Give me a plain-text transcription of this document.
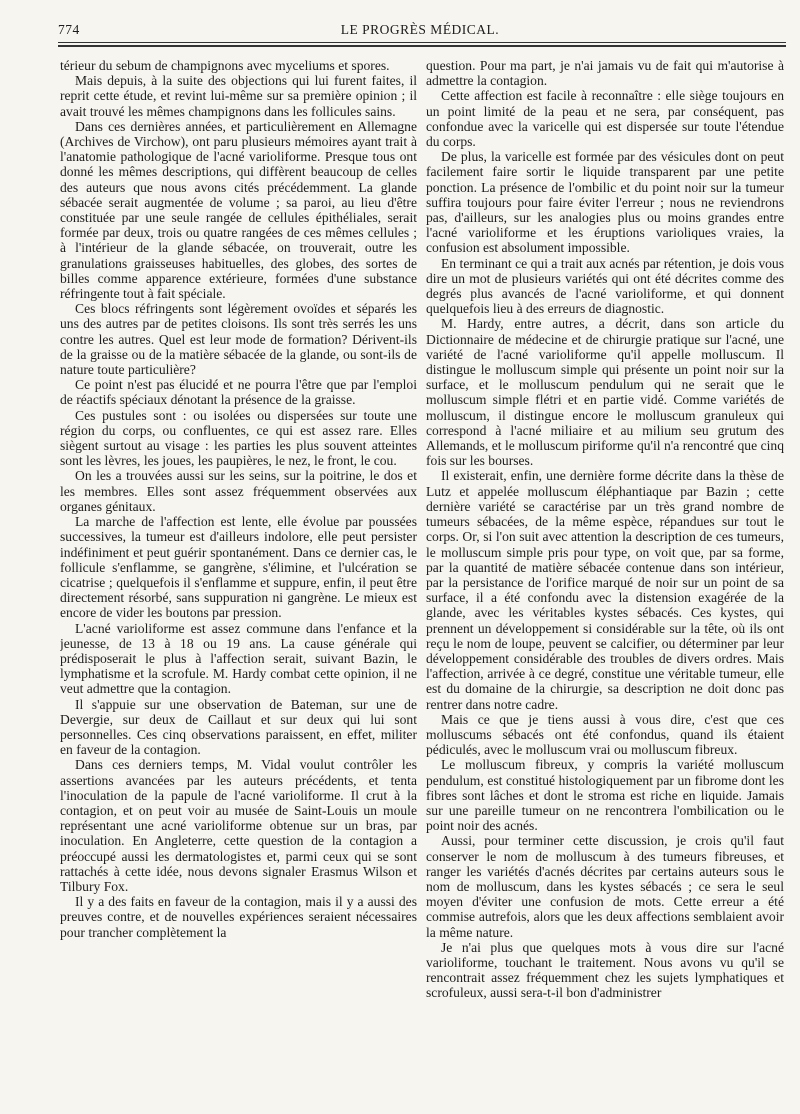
774	LE PROGRÈS MÉDICAL.

térieur du sebum de champignons avec myceliums et spores.

Mais depuis, à la suite des objections qui lui furent faites, il reprit cette étude, et revint lui-même sur sa première opinion ; il avait trouvé les mêmes champignons dans les follicules sains.

Dans ces dernières années, et particulièrement en Allemagne (Archives de Virchow), ont paru plusieurs mémoires ayant trait à l'anatomie pathologique de l'acné varioliforme. Presque tous ont donné les mêmes descriptions, qui diffèrent beaucoup de celles des auteurs que nous avons cités précédemment. La glande sébacée serait augmentée de volume ; sa paroi, au lieu d'être constituée par une seule rangée de cellules épithéliales, serait formée par deux, trois ou quatre rangées de ces mêmes cellules ; à l'intérieur de la glande sébacée, on trouverait, outre les granulations graisseuses habituelles, des globes, des sortes de billes comme apparence extérieure, formées d'une substance réfringente tout à fait spéciale.

Ces blocs réfringents sont légèrement ovoïdes et séparés les uns des autres par de petites cloisons. Ils sont très serrés les uns contre les autres. Quel est leur mode de formation? Dérivent-ils de la graisse ou de la matière sébacée de la glande, ou sont-ils de nature toute particulière?

Ce point n'est pas élucidé et ne pourra l'être que par l'emploi de réactifs spéciaux dénotant la présence de la graisse.

Ces pustules sont : ou isolées ou dispersées sur toute une région du corps, ou confluentes, ce qui est assez rare. Elles siègent surtout au visage : les parties les plus souvent atteintes sont les lèvres, les joues, les paupières, le nez, le front, le cou.

On les a trouvées aussi sur les seins, sur la poitrine, le dos et les membres. Elles sont assez fréquemment observées aux organes génitaux.

La marche de l'affection est lente, elle évolue par poussées successives, la tumeur est d'ailleurs indolore, elle peut persister indéfiniment et peut guérir spontanément. Dans ce dernier cas, le follicule s'enflamme, se gangrène, s'élimine, et l'ulcération se cicatrise ; quelquefois il s'enflamme et suppure, enfin, il peut être directement résorbé, sans suppuration ni gangrène. Le mieux est encore de vider les boutons par pression.

L'acné varioliforme est assez commune dans l'enfance et la jeunesse, de 13 à 18 ou 19 ans. La cause générale qui prédisposerait le plus à l'affection serait, suivant Bazin, le lymphatisme et la scrofule. M. Hardy combat cette opinion, il ne veut admettre que la contagion.

Il s'appuie sur une observation de Bateman, sur une de Devergie, sur deux de Caillaut et sur deux qui lui sont personnelles. Ces cinq observations paraissent, en effet, militer en faveur de la contagion.

Dans ces derniers temps, M. Vidal voulut contrôler les assertions avancées par les auteurs précédents, et tenta l'inoculation de la papule de l'acné varioliforme. Il crut à la contagion, et on peut voir au musée de Saint-Louis un moule représentant une acné varioliforme obtenue sur un bras, par inoculation. En Angleterre, cette question de la contagion a préoccupé aussi les dermatologistes et, parmi ceux qui se sont rattachés à cette idée, nous devons signaler Erasmus Wilson et Tilbury Fox.

Il y a des faits en faveur de la contagion, mais il y a aussi des preuves contre, et de nouvelles expériences seraient nécessaires pour trancher complètement la

question. Pour ma part, je n'ai jamais vu de fait qui m'autorise à admettre la contagion.

Cette affection est facile à reconnaître : elle siège toujours en un point limité de la peau et ne sera, par conséquent, pas confondue avec la varicelle qui est dispersée sur toute l'étendue du corps.

De plus, la varicelle est formée par des vésicules dont on peut facilement faire sortir le liquide transparent par une petite ponction. La présence de l'ombilic et du point noir sur la tumeur suffira toujours pour faire éviter l'erreur ; nous ne reviendrons pas, d'ailleurs, sur les analogies plus ou moins grandes entre l'acné varioliforme et les éruptions varioliques vraies, la confusion est absolument impossible.

En terminant ce qui a trait aux acnés par rétention, je dois vous dire un mot de plusieurs variétés qui ont été décrites comme des degrés plus avancés de l'acné varioliforme, et qui donnent quelquefois lieu à des erreurs de diagnostic.

M. Hardy, entre autres, a décrit, dans son article du Dictionnaire de médecine et de chirurgie pratique sur l'acné, une variété de l'acné varioliforme qu'il appelle molluscum. Il distingue le molluscum simple qui présente un point noir sur la surface, et le molluscum pendulum qui ne serait que le molluscum simple flétri et en partie vidé. Comme variétés de molluscum, il distingue encore le molluscum granuleux qui correspond à l'acné miliaire et au milium seu grutum des Allemands, et le molluscum piriforme qu'il n'a rencontré que cinq fois sur les bourses.

Il existerait, enfin, une dernière forme décrite dans la thèse de Lutz et appelée molluscum éléphantiaque par Bazin ; cette dernière variété se caractérise par un très grand nombre de tumeurs sébacées, de la même espèce, répandues sur tout le corps. Or, si l'on suit avec attention la description de ces tumeurs, le molluscum simple pris pour type, on voit que, par sa forme, par la quantité de matière sébacée contenue dans son intérieur, par la persistance de l'orifice marqué de noir sur un point de sa surface, il a été confondu avec la distension exagérée de la glande, avec les véritables kystes sébacés. Ces kystes, qui prennent un développement si considérable sur la tête, où ils ont reçu le nom de loupe, peuvent se calcifier, ou déterminer par leur développement considérable des troubles de divers ordres. Mais l'affection, arrivée à ce degré, constitue une véritable tumeur, elle est du domaine de la chirurgie, sa description ne doit donc pas rentrer dans notre cadre.

Mais ce que je tiens aussi à vous dire, c'est que ces molluscums sébacés ont été confondus, quand ils étaient pédiculés, avec le molluscum vrai ou molluscum fibreux.

Le molluscum fibreux, y compris la variété molluscum pendulum, est constitué histologiquement par un fibrome dont les fibres sont lâches et dont le stroma est riche en liquide. Jamais sur une pareille tumeur on ne rencontrera l'ombilication ou le point noir des acnés.

Aussi, pour terminer cette discussion, je crois qu'il faut conserver le nom de molluscum à des tumeurs fibreuses, et ranger les variétés d'acnés décrites par certains auteurs sous le nom de molluscum, dans les kystes sébacés ; ce sera le seul moyen d'éviter une confusion de mots. Cette erreur a été commise autrefois, alors que les deux affections semblaient avoir la même nature.

Je n'ai plus que quelques mots à vous dire sur l'acné varioliforme, touchant le traitement. Nous avons vu qu'il se rencontrait assez fréquemment chez les sujets lymphatiques et scrofuleux, aussi sera-t-il bon d'administrer
